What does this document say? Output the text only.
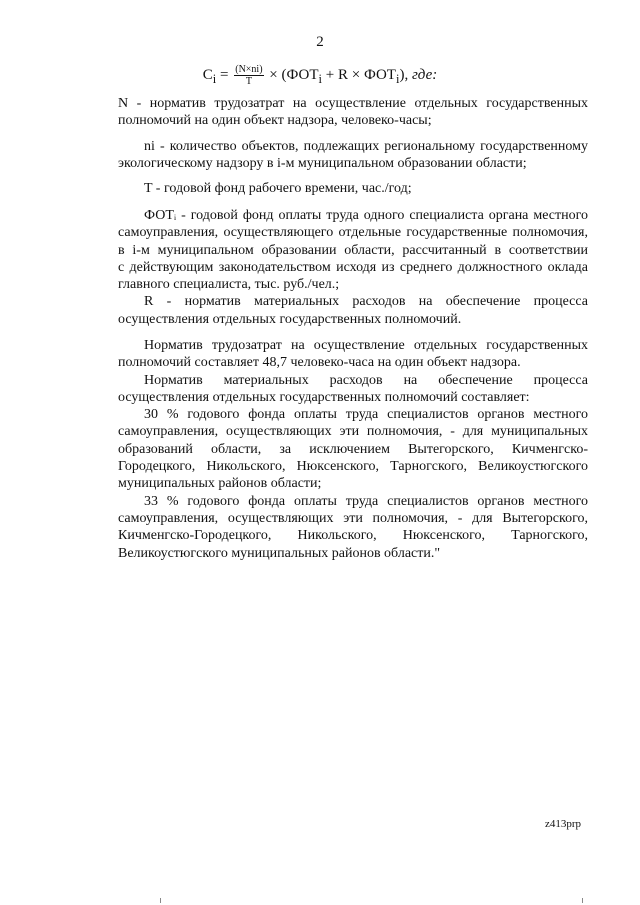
2
$C_i = \frac{(N\times ni)}{T} \times (ФОТ_i + R \times ФОТ_i)$, где:
N - норматив трудозатрат на осуществление отдельных государственных
полномочий на один объект надзора, человеко-часы;
ni - количество объектов, подлежащих региональному государственному
экологическому надзору в i-м муниципальном образовании области;
T - годовой фонд рабочего времени, час./год;
ФОТᵢ - годовой фонд оплаты труда одного специалиста органа местного
самоуправления, осуществляющего отдельные государственные полномочия,
в i-м муниципальном образовании области, рассчитанный в соответствии
с действующим законодательством исходя из среднего должностного оклада
главного специалиста, тыс. руб./чел.;
R - норматив материальных расходов на обеспечение процесса
осуществления отдельных государственных полномочий.
Норматив трудозатрат на осуществление отдельных государственных
полномочий составляет 48,7 человеко-часа на один объект надзора.
Норматив материальных расходов на обеспечение процесса
осуществления отдельных государственных полномочий составляет:
30 % годового фонда оплаты труда специалистов органов местного
самоуправления, осуществляющих эти полномочия, - для муниципальных
образований области, за исключением Вытегорского, Кичменгско-
Городецкого, Никольского, Нюксенского, Тарногского, Великоустюгского
муниципальных районов области;
33 % годового фонда оплаты труда специалистов органов местного
самоуправления, осуществляющих эти полномочия, - для Вытегорского,
Кичменгско-Городецкого, Никольского, Нюксенского, Тарногского,
Великоустюгского муниципальных районов области."
z413prp
